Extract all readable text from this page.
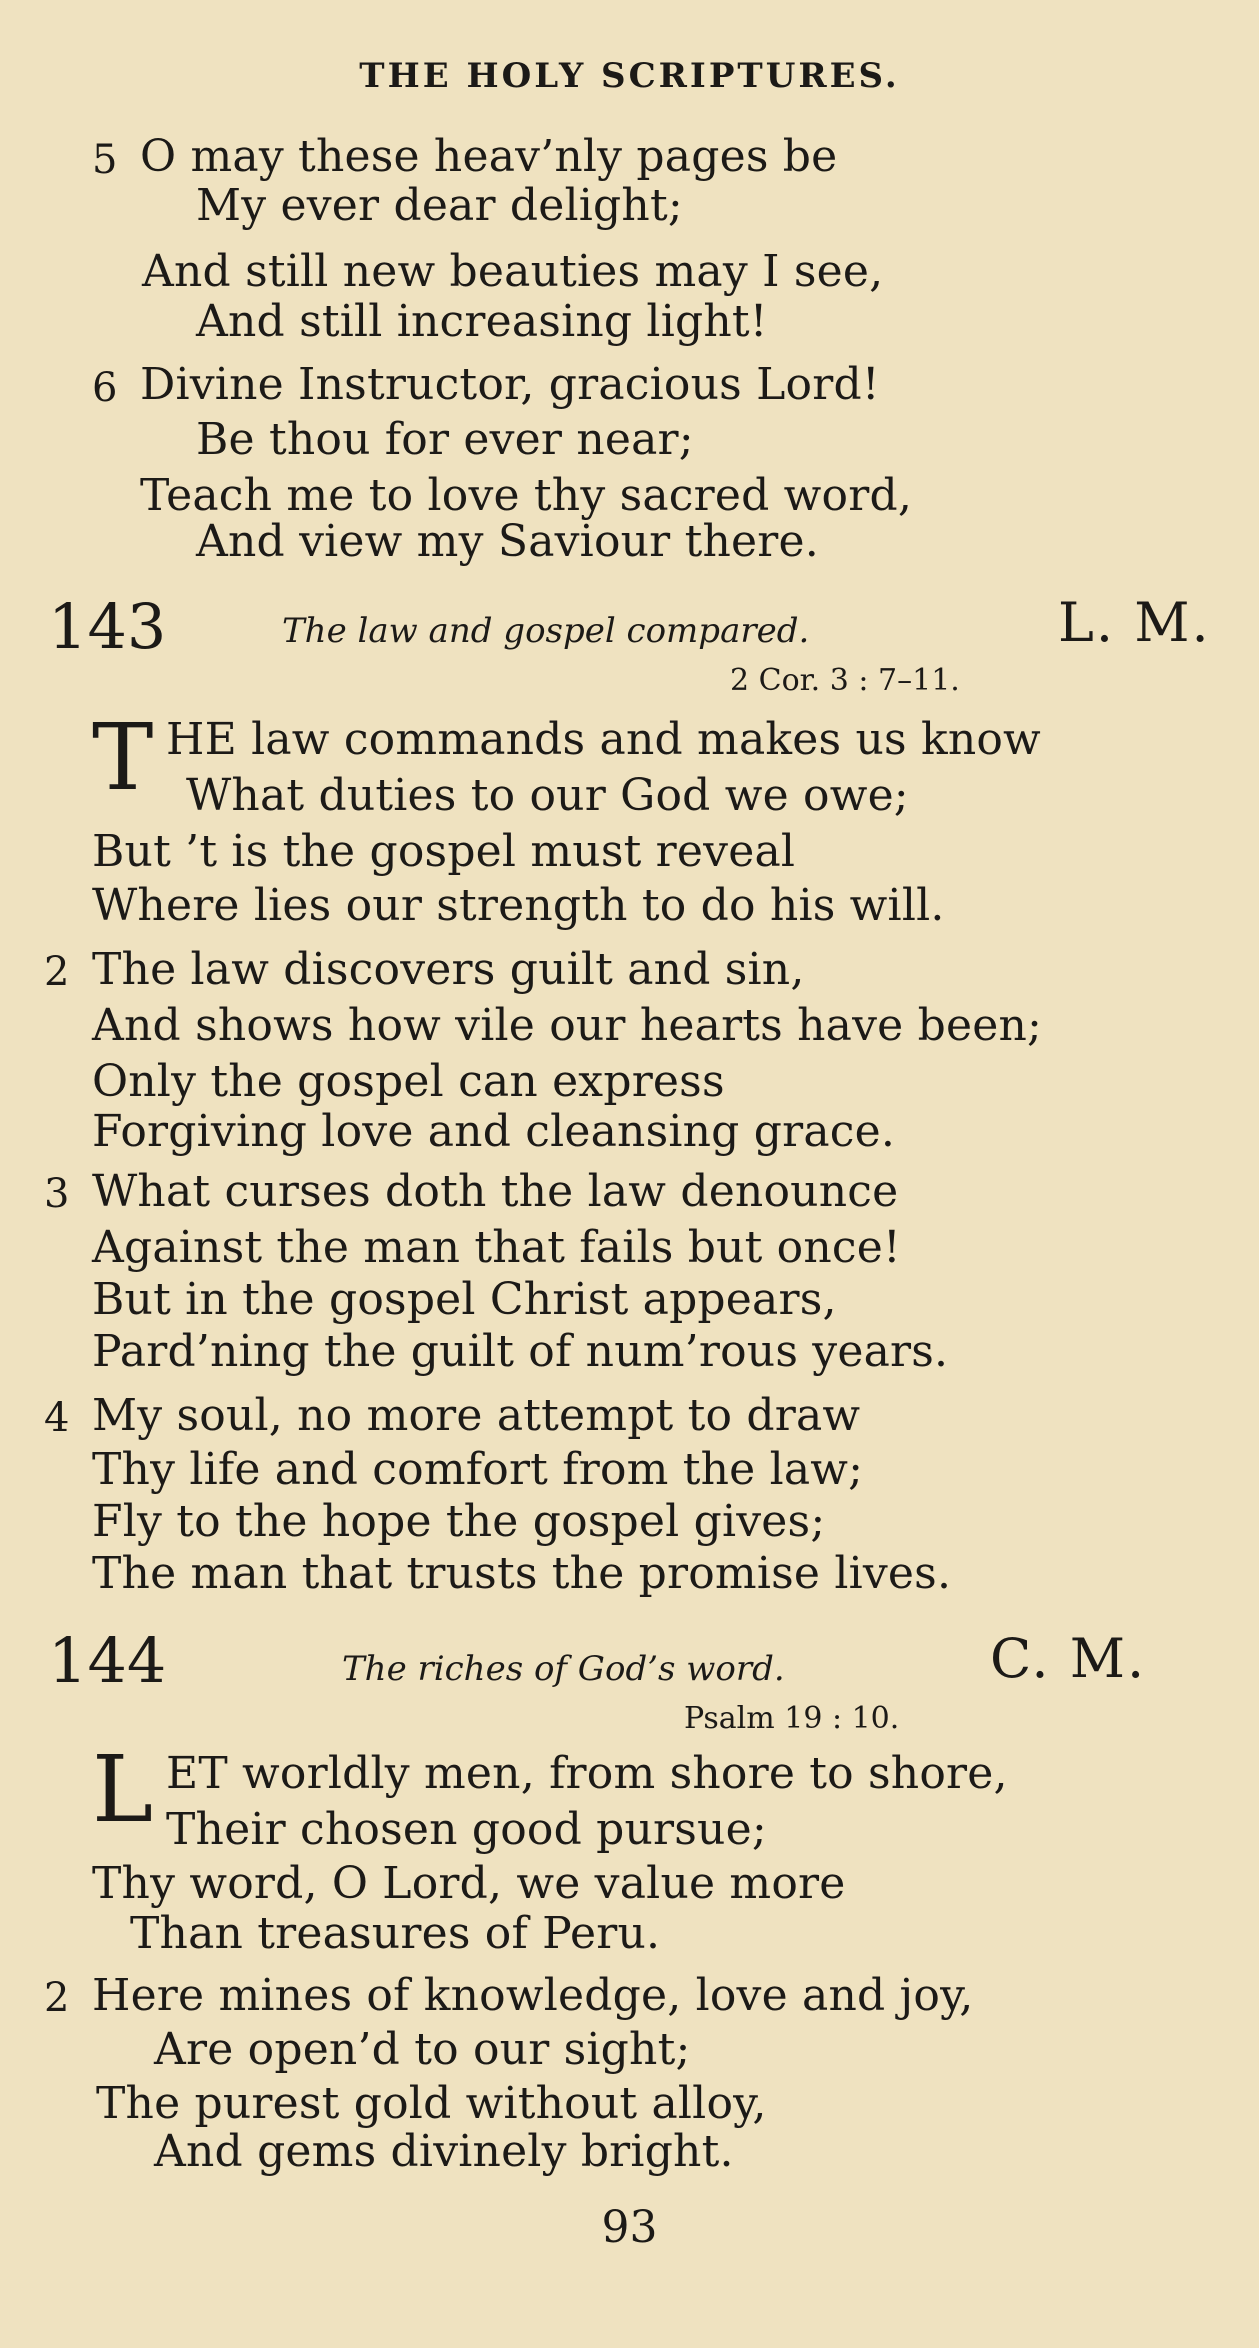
THE HOLY SCRIPTURES.
5 O may these heav’nly pages be
My ever dear delight;
And still new beauties may I see,
And still increasing light!
6 Divine Instructor, gracious Lord!
Be thou for ever near;
Teach me to love thy sacred word,
And view my Saviour there.
143	The law and gospel compared.	L. M.
2 Cor. 3 : 7–11.
T HE law commands and makes us know
What duties to our God we owe;
But ’t is the gospel must reveal
Where lies our strength to do his will.
2 The law discovers guilt and sin,
And shows how vile our hearts have been;
Only the gospel can express
Forgiving love and cleansing grace.
3 What curses doth the law denounce
Against the man that fails but once!
But in the gospel Christ appears,
Pard’ning the guilt of num’rous years.
4 My soul, no more attempt to draw
Thy life and comfort from the law;
Fly to the hope the gospel gives;
The man that trusts the promise lives.
144	The riches of God’s word.	C. M.
Psalm 19 : 10.
L ET worldly men, from shore to shore,
Their chosen good pursue;
Thy word, O Lord, we value more
Than treasures of Peru.
2 Here mines of knowledge, love and joy,
Are open’d to our sight;
The purest gold without alloy,
And gems divinely bright.
93
